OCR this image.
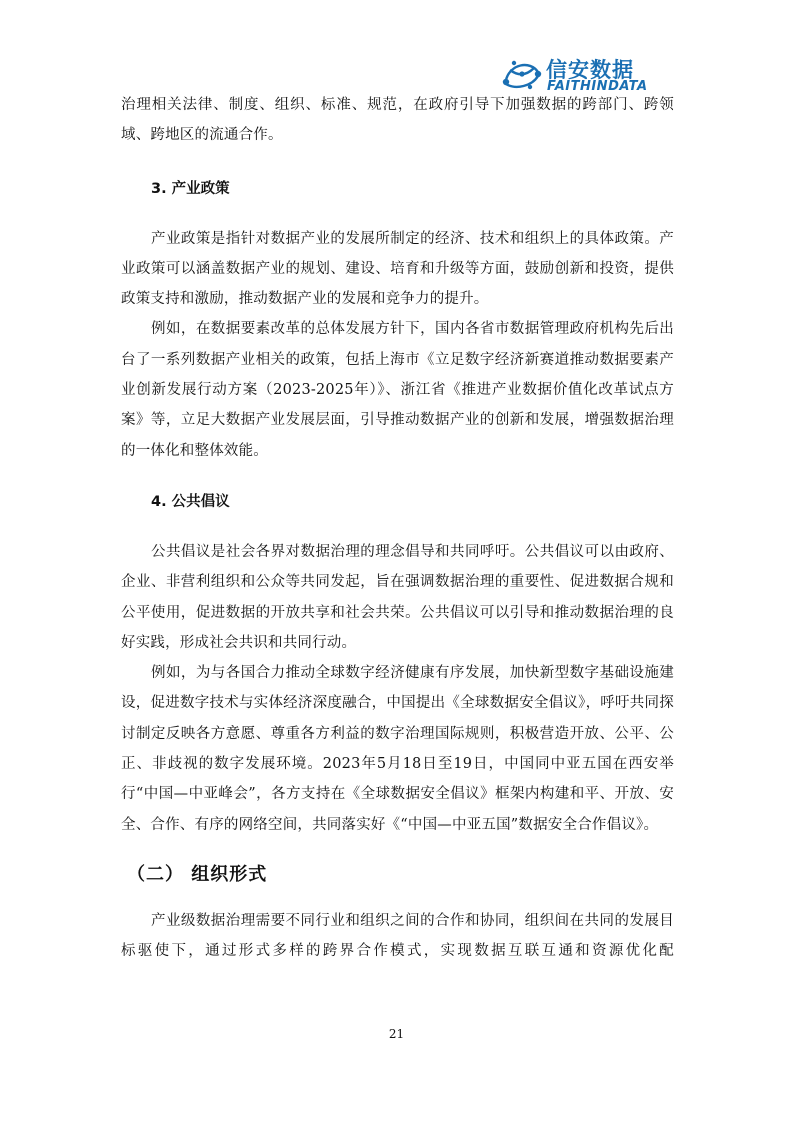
信安数据
FAITHINDATA

治理相关法律、制度、组织、标准、规范，在政府引导下加强数据的跨部门、跨领域、跨地区的流通合作。

3. 产业政策

产业政策是指针对数据产业的发展所制定的经济、技术和组织上的具体政策。产业政策可以涵盖数据产业的规划、建设、培育和升级等方面，鼓励创新和投资，提供政策支持和激励，推动数据产业的发展和竞争力的提升。

例如，在数据要素改革的总体发展方针下，国内各省市数据管理政府机构先后出台了一系列数据产业相关的政策，包括上海市《立足数字经济新赛道推动数据要素产业创新发展行动方案（2023-2025年）》、浙江省《推进产业数据价值化改革试点方案》等，立足大数据产业发展层面，引导推动数据产业的创新和发展，增强数据治理的一体化和整体效能。

4. 公共倡议

公共倡议是社会各界对数据治理的理念倡导和共同呼吁。公共倡议可以由政府、企业、非营利组织和公众等共同发起，旨在强调数据治理的重要性、促进数据合规和公平使用，促进数据的开放共享和社会共荣。公共倡议可以引导和推动数据治理的良好实践，形成社会共识和共同行动。

例如，为与各国合力推动全球数字经济健康有序发展，加快新型数字基础设施建设，促进数字技术与实体经济深度融合，中国提出《全球数据安全倡议》，呼吁共同探讨制定反映各方意愿、尊重各方利益的数字治理国际规则，积极营造开放、公平、公正、非歧视的数字发展环境。2023年5月18日至19日，中国同中亚五国在西安举行“中国—中亚峰会”，各方支持在《全球数据安全倡议》框架内构建和平、开放、安全、合作、有序的网络空间，共同落实好《“中国—中亚五国”数据安全合作倡议》。

（二） 组织形式

产业级数据治理需要不同行业和组织之间的合作和协同，组织间在共同的发展目标驱使下，通过形式多样的跨界合作模式，实现数据互联互通和资源优化配

21
